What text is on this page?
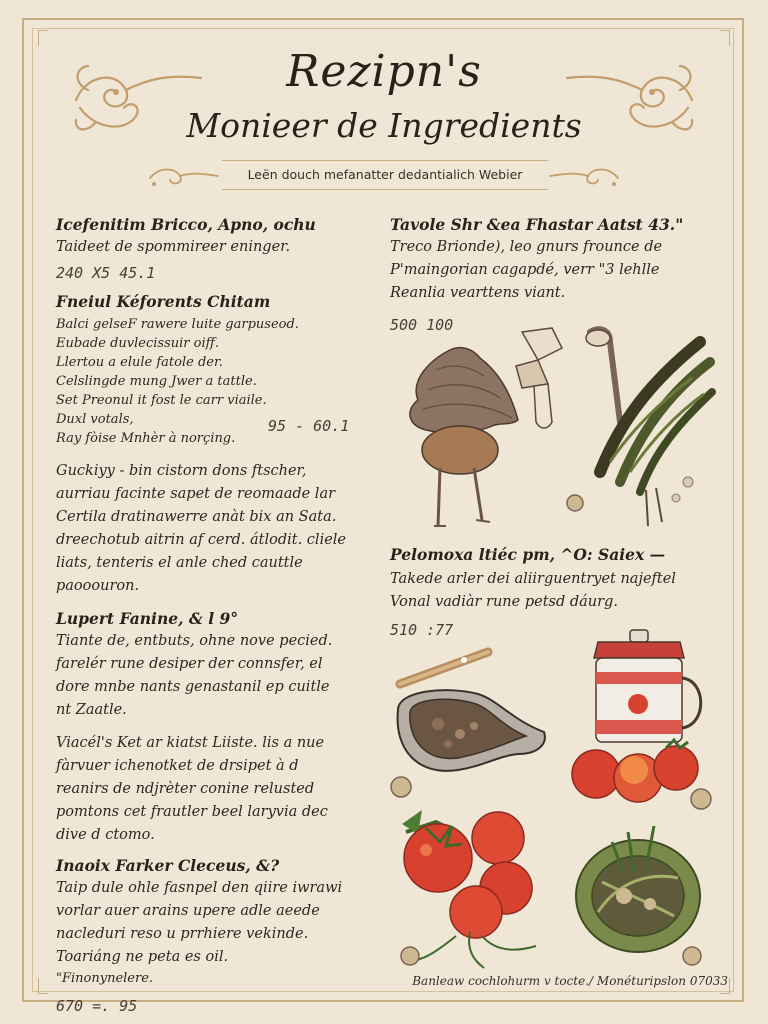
Rezipn's
Monieer de Ingredients
Leën douch mefanatter dedantialich Webier
Icefenitim Bricco, Apno, ochu
Taideet de spommireer eninger.
240 X5 45.1
Fneiul Kéforents Chitam
Balci gelseF rawere luite garpuseod.
Eubade duvlecissuir oiff.
Llertou a elule fatole der.
Celslingde mung Jwer a tattle.
Set Preonul it fost le carr viaile.
Duxl votals,
Ray fòise Mnhèr à norçing.
95 - 60.1
Guckiyy - bin cistorn dons ftscher,
aurriau facinte sapet de reomaade lar
Certila dratinawerre anàt bix an Sata.
dreechotub aitrin af cerd. átlodit. cliele
liats, tenteris el anle ched cauttle
paooouron.
Lupert Fanine, & l 9°
Tiante de, entbuts, ohne nove pecied.
farelér rune desiper der connsfer, el
dore mnbe nants genastanil ep cuitle
nt Zaatle.
Viacél's Ket ar kiatst Liiste. lis a nue
fàrvuer ichenotket de drsipet à d
reanirs de ndjrèter conine relusted
pomtons cet frautler beel laryvia dec
dive d ctomo.
Inaoix Farker Cleceus, &?
Taip dule ohle fasnpel den qiire iwrawi
vorlar auer arains upere adle aeede
nacleduri reso u prrhiere vekinde.
Toariáng ne peta es oil.
"Finonynelere.
670 =. 95
Tavole Shr &ea Fhastar Aatst 43."
Treco Brionde), leo gnurs frounce de
P'maingorian cagapdé, verr "3 lehlle
Reanlia vearttens viant.
500 100
Pelomoxa ltiéc pm, ^O: Saiex —
Takede arler dei aliirguentryet najeftel
Vonal vadiàr rune petsd dáurg.
510 :77
Banleaw cochlohurm v tocte./ Monéturipslon 07033
